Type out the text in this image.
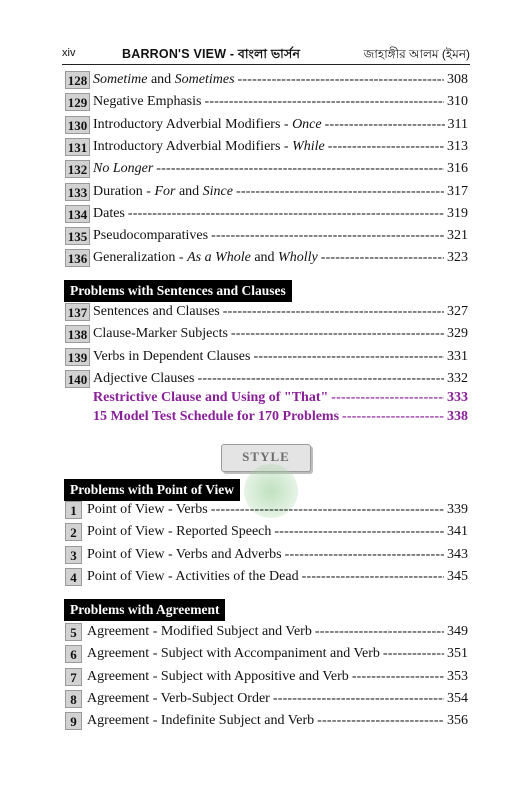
xiv	BARRON'S VIEW - বাংলা ভার্সন	জাহাঙ্গীর আলম (ইমন)
128 Sometime and Sometimes -----	308
129 Negative Emphasis -----	310
130 Introductory Adverbial Modifiers - Once -----	311
131 Introductory Adverbial Modifiers - While -----	313
132 No Longer -----	316
133 Duration - For and Since -----	317
134 Dates -----	319
135 Pseudocomparatives -----	321
136 Generalization - As a Whole and Wholly -----	323
Problems with Sentences and Clauses
137 Sentences and Clauses -----	327
138 Clause-Marker Subjects -----	329
139 Verbs in Dependent Clauses -----	331
140 Adjective Clauses -----	332
Restrictive Clause and Using of "That" -----	333
15 Model Test Schedule for 170 Problems -----	338
STYLE
Problems with Point of View
1 Point of View - Verbs -----	339
2 Point of View - Reported Speech -----	341
3 Point of View - Verbs and Adverbs -----	343
4 Point of View - Activities of the Dead -----	345
Problems with Agreement
5 Agreement - Modified Subject and Verb -----	349
6 Agreement - Subject with Accompaniment and Verb -----	351
7 Agreement - Subject with Appositive and Verb -----	353
8 Agreement - Verb-Subject Order -----	354
9 Agreement - Indefinite Subject and Verb -----	356
